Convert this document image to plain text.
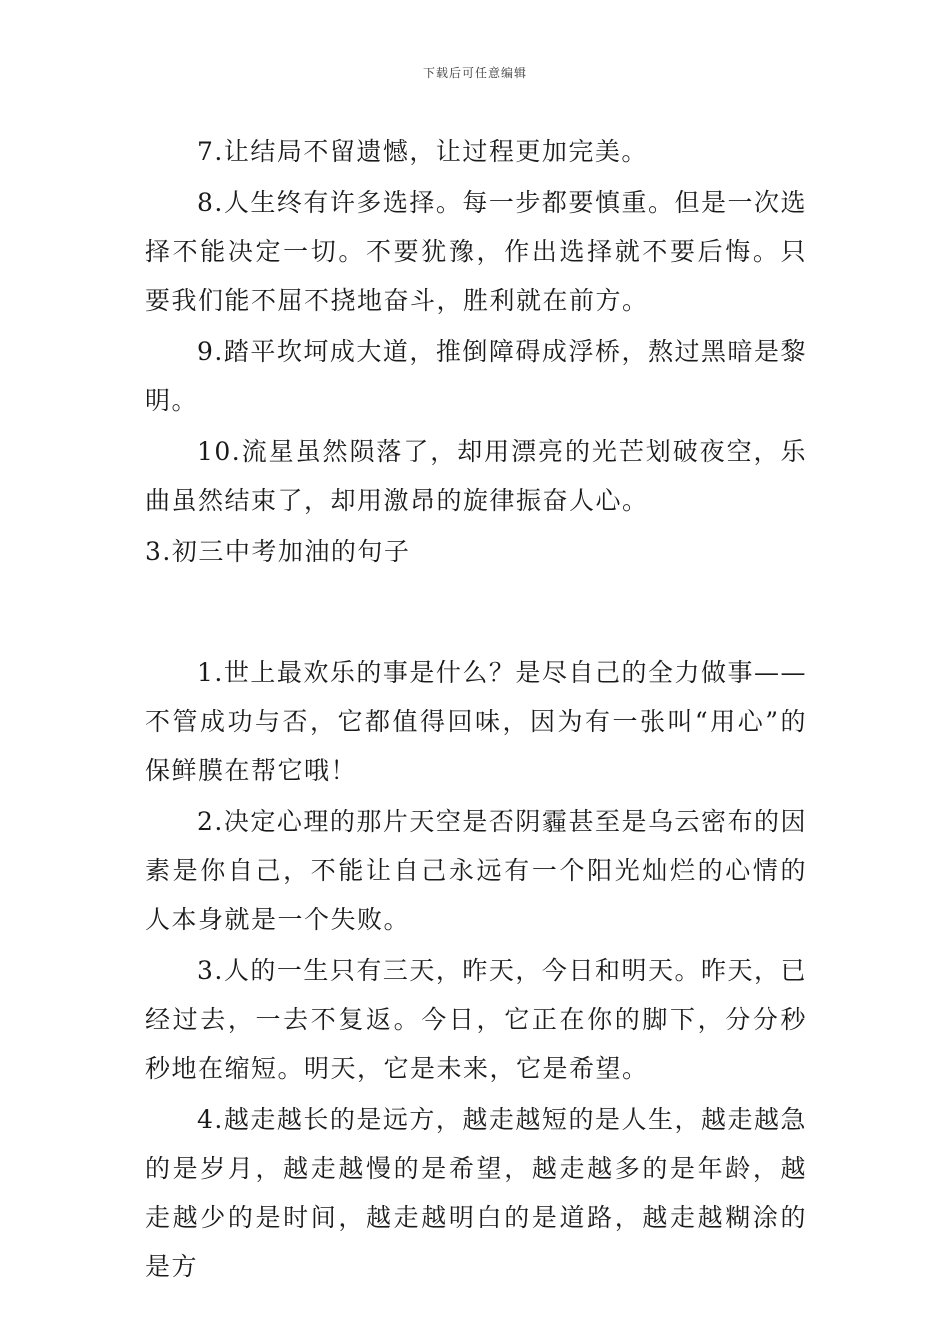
下载后可任意编辑

7.让结局不留遗憾，让过程更加完美。

8.人生终有许多选择。每一步都要慎重。但是一次选择不能决定一切。不要犹豫，作出选择就不要后悔。只要我们能不屈不挠地奋斗，胜利就在前方。

9.踏平坎坷成大道，推倒障碍成浮桥，熬过黑暗是黎明。

10.流星虽然陨落了，却用漂亮的光芒划破夜空，乐曲虽然结束了，却用激昂的旋律振奋人心。

3.初三中考加油的句子

1.世上最欢乐的事是什么？是尽自己的全力做事——不管成功与否，它都值得回味，因为有一张叫“用心”的保鲜膜在帮它哦！

2.决定心理的那片天空是否阴霾甚至是乌云密布的因素是你自己，不能让自己永远有一个阳光灿烂的心情的人本身就是一个失败。

3.人的一生只有三天，昨天，今日和明天。昨天，已经过去，一去不复返。今日，它正在你的脚下，分分秒秒地在缩短。明天，它是未来，它是希望。

4.越走越长的是远方，越走越短的是人生，越走越急的是岁月，越走越慢的是希望，越走越多的是年龄，越走越少的是时间，越走越明白的是道路，越走越糊涂的是方
